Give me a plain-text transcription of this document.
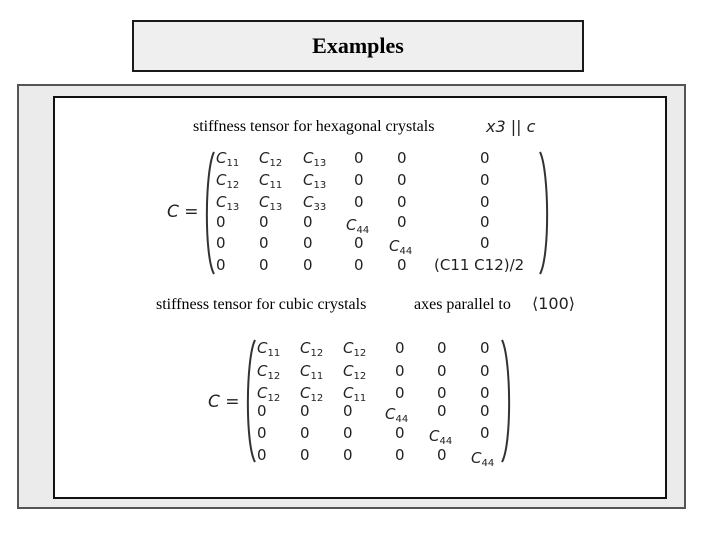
Examples
stiffness tensor for hexagonal crystals	x3 || c
C =
stiffness tensor for cubic crystals	axes parallel to ⟨100⟩
C =
$C_{11}$ $C_{12}$ $C_{13}$ 0 0	0
$C_{12}$ $C_{11}$ $C_{13}$ 0 0	0
$C_{13}$ $C_{13}$ $C_{33}$ 0 0	0
0 0 0 $C_{44}$ 0	0
0 0 0	0 $C_{44}$	0
0 0 0	0 0 (C11 C12)/2
$C_{11}$ $C_{12}$ $C_{12}$ 0 0 0
$C_{12}$ $C_{11}$ $C_{12}$ 0 0 0
$C_{12}$ $C_{12}$ $C_{11}$ 0 0 0
0 0 0 $C_{44}$ 0 0
0 0 0	0 $C_{44}$ 0
0 0 0	0 0 $C_{44}$
